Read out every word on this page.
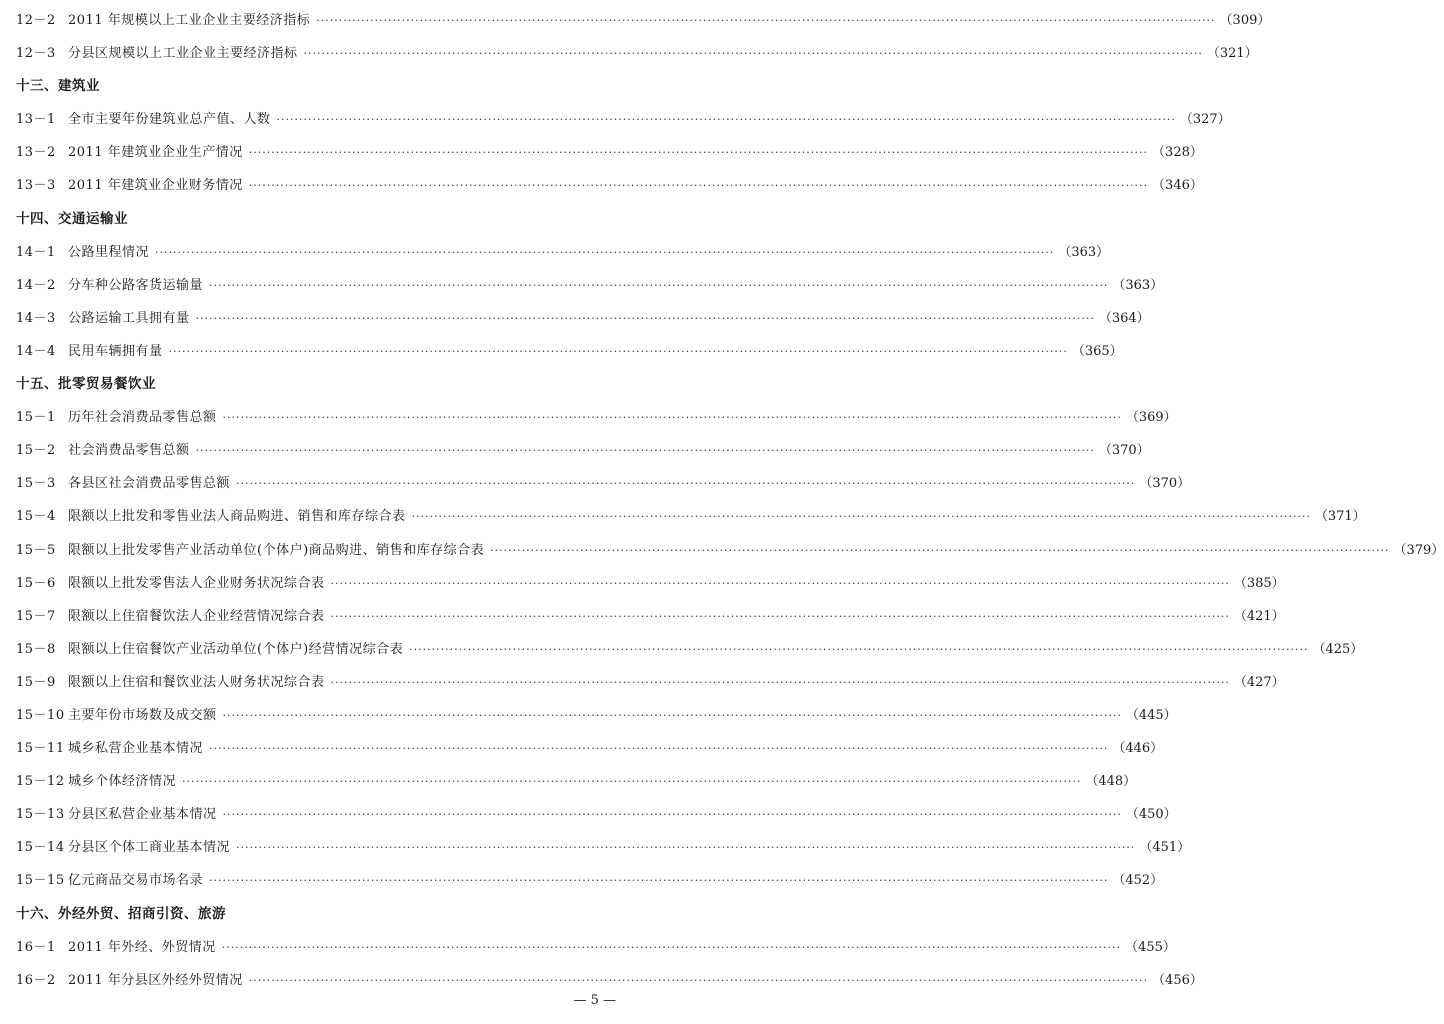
12－2 2011 年规模以上工业企业主要经济指标 ········································································································································································································ （309）
12－3 分县区规模以上工业企业主要经济指标 ········································································································································································································ （321）
十三、建筑业
13－1 全市主要年份建筑业总产值、人数 ········································································································································································································ （327）
13－2 2011 年建筑业企业生产情况 ········································································································································································································ （328）
13－3 2011 年建筑业企业财务情况 ········································································································································································································ （346）
十四、交通运输业
14－1 公路里程情况 ········································································································································································································ （363）
14－2 分车种公路客货运输量 ········································································································································································································ （363）
14－3 公路运输工具拥有量 ········································································································································································································ （364）
14－4 民用车辆拥有量 ········································································································································································································ （365）
十五、批零贸易餐饮业
15－1 历年社会消费品零售总额 ········································································································································································································ （369）
15－2 社会消费品零售总额 ········································································································································································································ （370）
15－3 各县区社会消费品零售总额 ········································································································································································································ （370）
15－4 限额以上批发和零售业法人商品购进、销售和库存综合表 ········································································································································································································ （371）
15－5 限额以上批发零售产业活动单位(个体户)商品购进、销售和库存综合表 ········································································································································································································ （379）
15－6 限额以上批发零售法人企业财务状况综合表 ········································································································································································································ （385）
15－7 限额以上住宿餐饮法人企业经营情况综合表 ········································································································································································································ （421）
15－8 限额以上住宿餐饮产业活动单位(个体户)经营情况综合表 ········································································································································································································ （425）
15－9 限额以上住宿和餐饮业法人财务状况综合表 ········································································································································································································ （427）
15－10 主要年份市场数及成交额 ········································································································································································································ （445）
15－11 城乡私营企业基本情况 ········································································································································································································ （446）
15－12 城乡个体经济情况 ········································································································································································································ （448）
15－13 分县区私营企业基本情况 ········································································································································································································ （450）
15－14 分县区个体工商业基本情况 ········································································································································································································ （451）
15－15 亿元商品交易市场名录 ········································································································································································································ （452）
十六、外经外贸、招商引资、旅游
16－1 2011 年外经、外贸情况 ········································································································································································································ （455）
16－2 2011 年分县区外经外贸情况 ········································································································································································································ （456）
— 5 —
